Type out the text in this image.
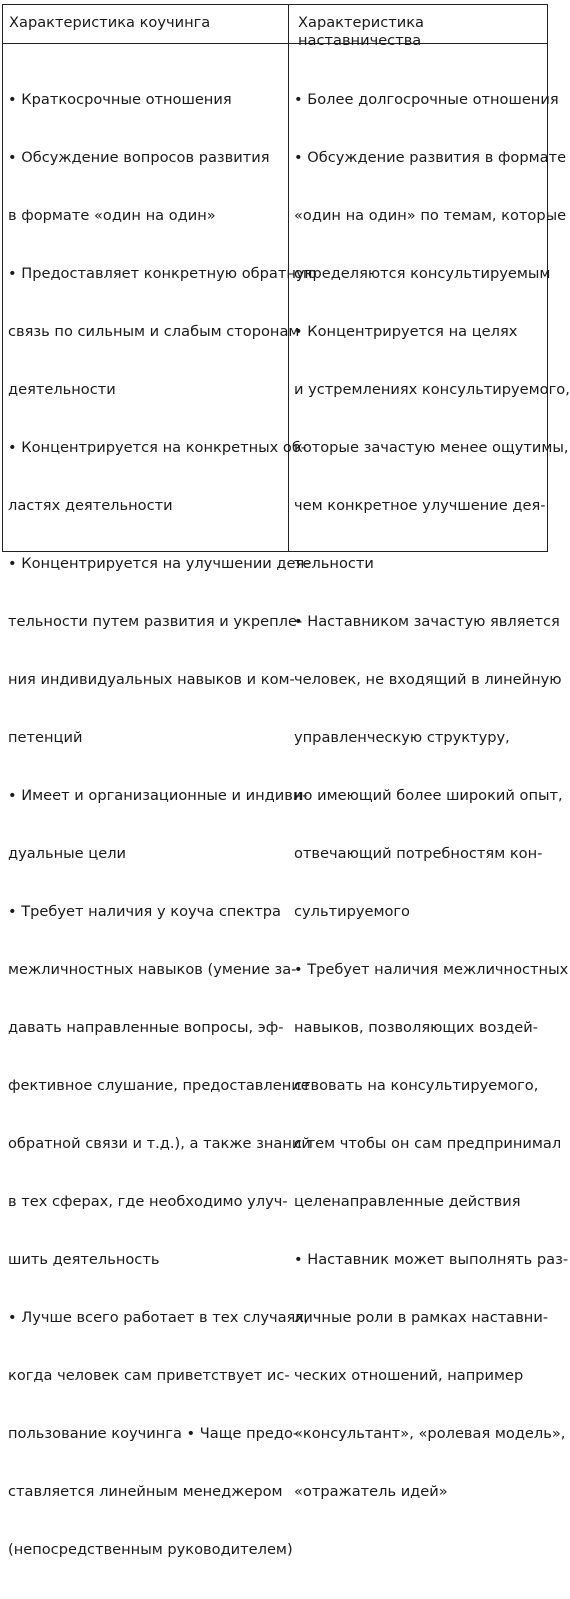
Характеристика коучинга	Характеристика наставничества

• Краткосрочные отношения

• Обсуждение вопросов развития

в формате «один на один»

• Предоставляет конкретную обратную

связь по сильным и слабым сторонам

деятельности

• Концентрируется на конкретных об-

ластях деятельности

• Концентрируется на улучшении дея-

тельности путем развития и укрепле-

ния индивидуальных навыков и ком-

петенций

• Имеет и организационные и индиви-

дуальные цели

• Требует наличия у коуча спектра

межличностных навыков (умение за-

давать направленные вопросы, эф-

фективное слушание, предоставление

обратной связи и т.д.), а также знаний

в тех сферах, где необходимо улуч-

шить деятельность

• Лучше всего работает в тех случаях,

когда человек сам приветствует ис-

пользование коучинга • Чаще предо-

ставляется линейным менеджером

(непосредственным руководителем)

• Более долгосрочные отношения

• Обсуждение развития в формате

«один на один» по темам, которые

определяются консультируемым

• Концентрируется на целях

и устремлениях консультируемого,

которые зачастую менее ощутимы,

чем конкретное улучшение дея-

тельности

• Наставником зачастую является

человек, не входящий в линейную

управленческую структуру,

но имеющий более широкий опыт,

отвечающий потребностям кон-

сультируемого

• Требует наличия межличностных

навыков, позволяющих воздей-

ствовать на консультируемого,

с тем чтобы он сам предпринимал

целенаправленные действия

• Наставник может выполнять раз-

личные роли в рамках наставни-

ческих отношений, например

«консультант», «ролевая модель»,

«отражатель идей»
